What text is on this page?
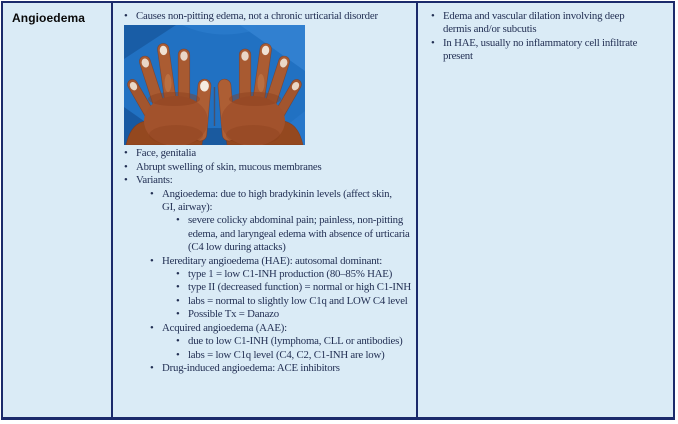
Angioedema	• Causes non-pitting edema, not a chronic urticarial disorder
• Face, genitalia
• Abrupt swelling of skin, mucous membranes
• Variants:
• Angioedema: due to high bradykinin levels (affect skin, GI, airway):
• severe colicky abdominal pain; painless, non-pitting edema, and laryngeal edema with absence of urticaria (C4 low during attacks)
• Hereditary angioedema (HAE): autosomal dominant:
• type 1 = low C1-INH production (80–85% HAE)
• type II (decreased function) = normal or high C1-INH
• labs = normal to slightly low C1q and LOW C4 level
• Possible Tx = Danazo
• Acquired angioedema (AAE):
• due to low C1-INH (lymphoma, CLL or antibodies)
• labs = low C1q level (C4, C2, C1-INH are low)
• Drug-induced angioedema: ACE inhibitors
• Edema and vascular dilation involving deep dermis and/or subcutis
• In HAE, usually no inflammatory cell infiltrate present
